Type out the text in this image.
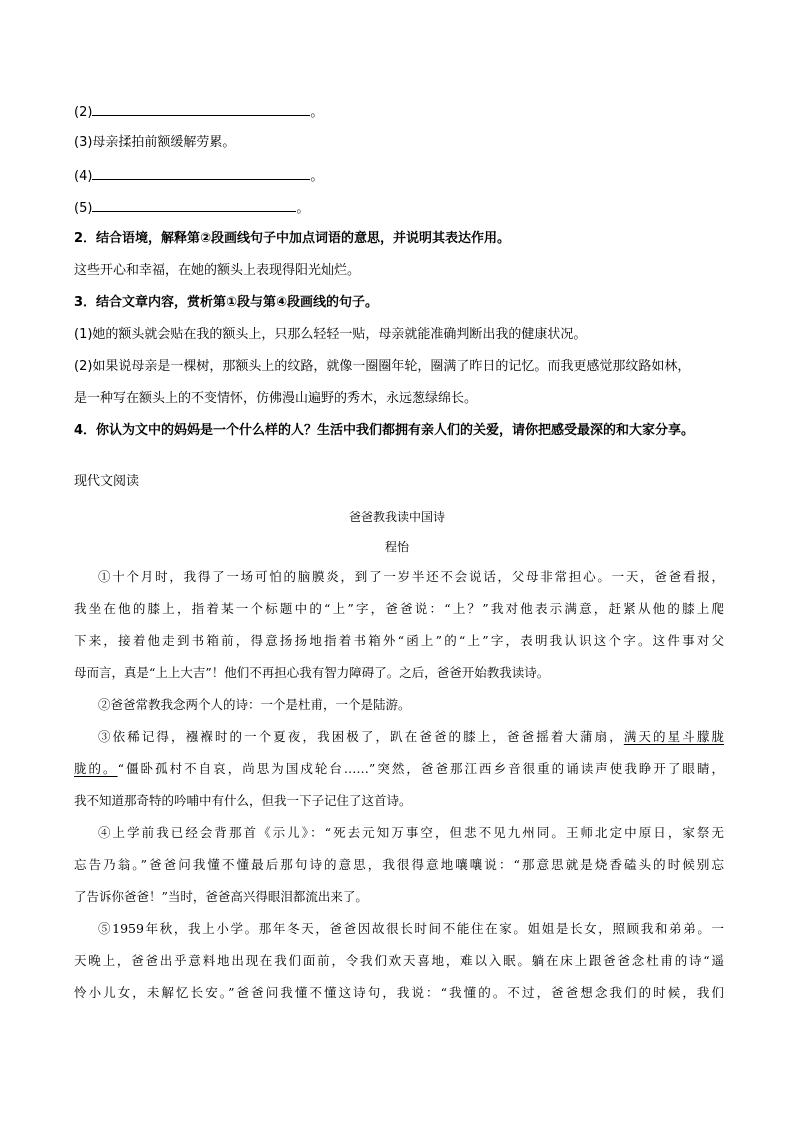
(2)	。
(3)母亲揉拍前额缓解劳累。
(4)	。
(5)	。
2．结合语境，解释第②段画线句子中加点词语的意思，并说明其表达作用。
这些开心和幸福，在她的额头上表现得阳光灿烂。
3．结合文章内容，赏析第①段与第④段画线的句子。
(1)她的额头就会贴在我的额头上，只那么轻轻一贴，母亲就能准确判断出我的健康状况。
(2)如果说母亲是一棵树，那额头上的纹路，就像一圈圈年轮，圈满了昨日的记忆。而我更感觉那纹路如林，
是一种写在额头上的不变情怀，仿佛漫山遍野的秀木，永远葱绿绵长。
4．你认为文中的妈妈是一个什么样的人？生活中我们都拥有亲人们的关爱，请你把感受最深的和大家分享。
现代文阅读
爸爸教我读中国诗
程怡
①十个月时，我得了一场可怕的脑膜炎，到了一岁半还不会说话，父母非常担心。一天，爸爸看报，
我坐在他的膝上，指着某一个标题中的“上”字，爸爸说：“上？”我对他表示满意，赶紧从他的膝上爬
下来，接着他走到书箱前，得意扬扬地指着书箱外“函上”的“上”字，表明我认识这个字。这件事对父
母而言，真是“上上大吉”！他们不再担心我有智力障碍了。之后，爸爸开始教我读诗。
②爸爸常教我念两个人的诗：一个是杜甫，一个是陆游。
③依稀记得，襁褓时的一个夏夜，我困极了，趴在爸爸的膝上，爸爸摇着大蒲扇，满天的星斗朦胧
胧的。“僵卧孤村不自哀，尚思为国戍轮台……”突然，爸爸那江西乡音很重的诵读声使我睁开了眼睛，
我不知道那奇特的吟哺中有什么，但我一下子记住了这首诗。
④上学前我已经会背那首《示儿》：“死去元知万事空，但悲不见九州同。王师北定中原日，家祭无
忘告乃翁。”爸爸问我懂不懂最后那句诗的意思，我很得意地嚷嚷说：“那意思就是烧香磕头的时候别忘
了告诉你爸爸！”当时，爸爸高兴得眼泪都流出来了。
⑤1959年秋，我上小学。那年冬天，爸爸因故很长时间不能住在家。姐姐是长女，照顾我和弟弟。一
天晚上，爸爸出乎意料地出现在我们面前，令我们欢天喜地，难以入眠。躺在床上跟爸爸念杜甫的诗“遥
怜小儿女，未解忆长安。”爸爸问我懂不懂这诗句，我说：“我懂的。不过，爸爸想念我们的时候，我们
